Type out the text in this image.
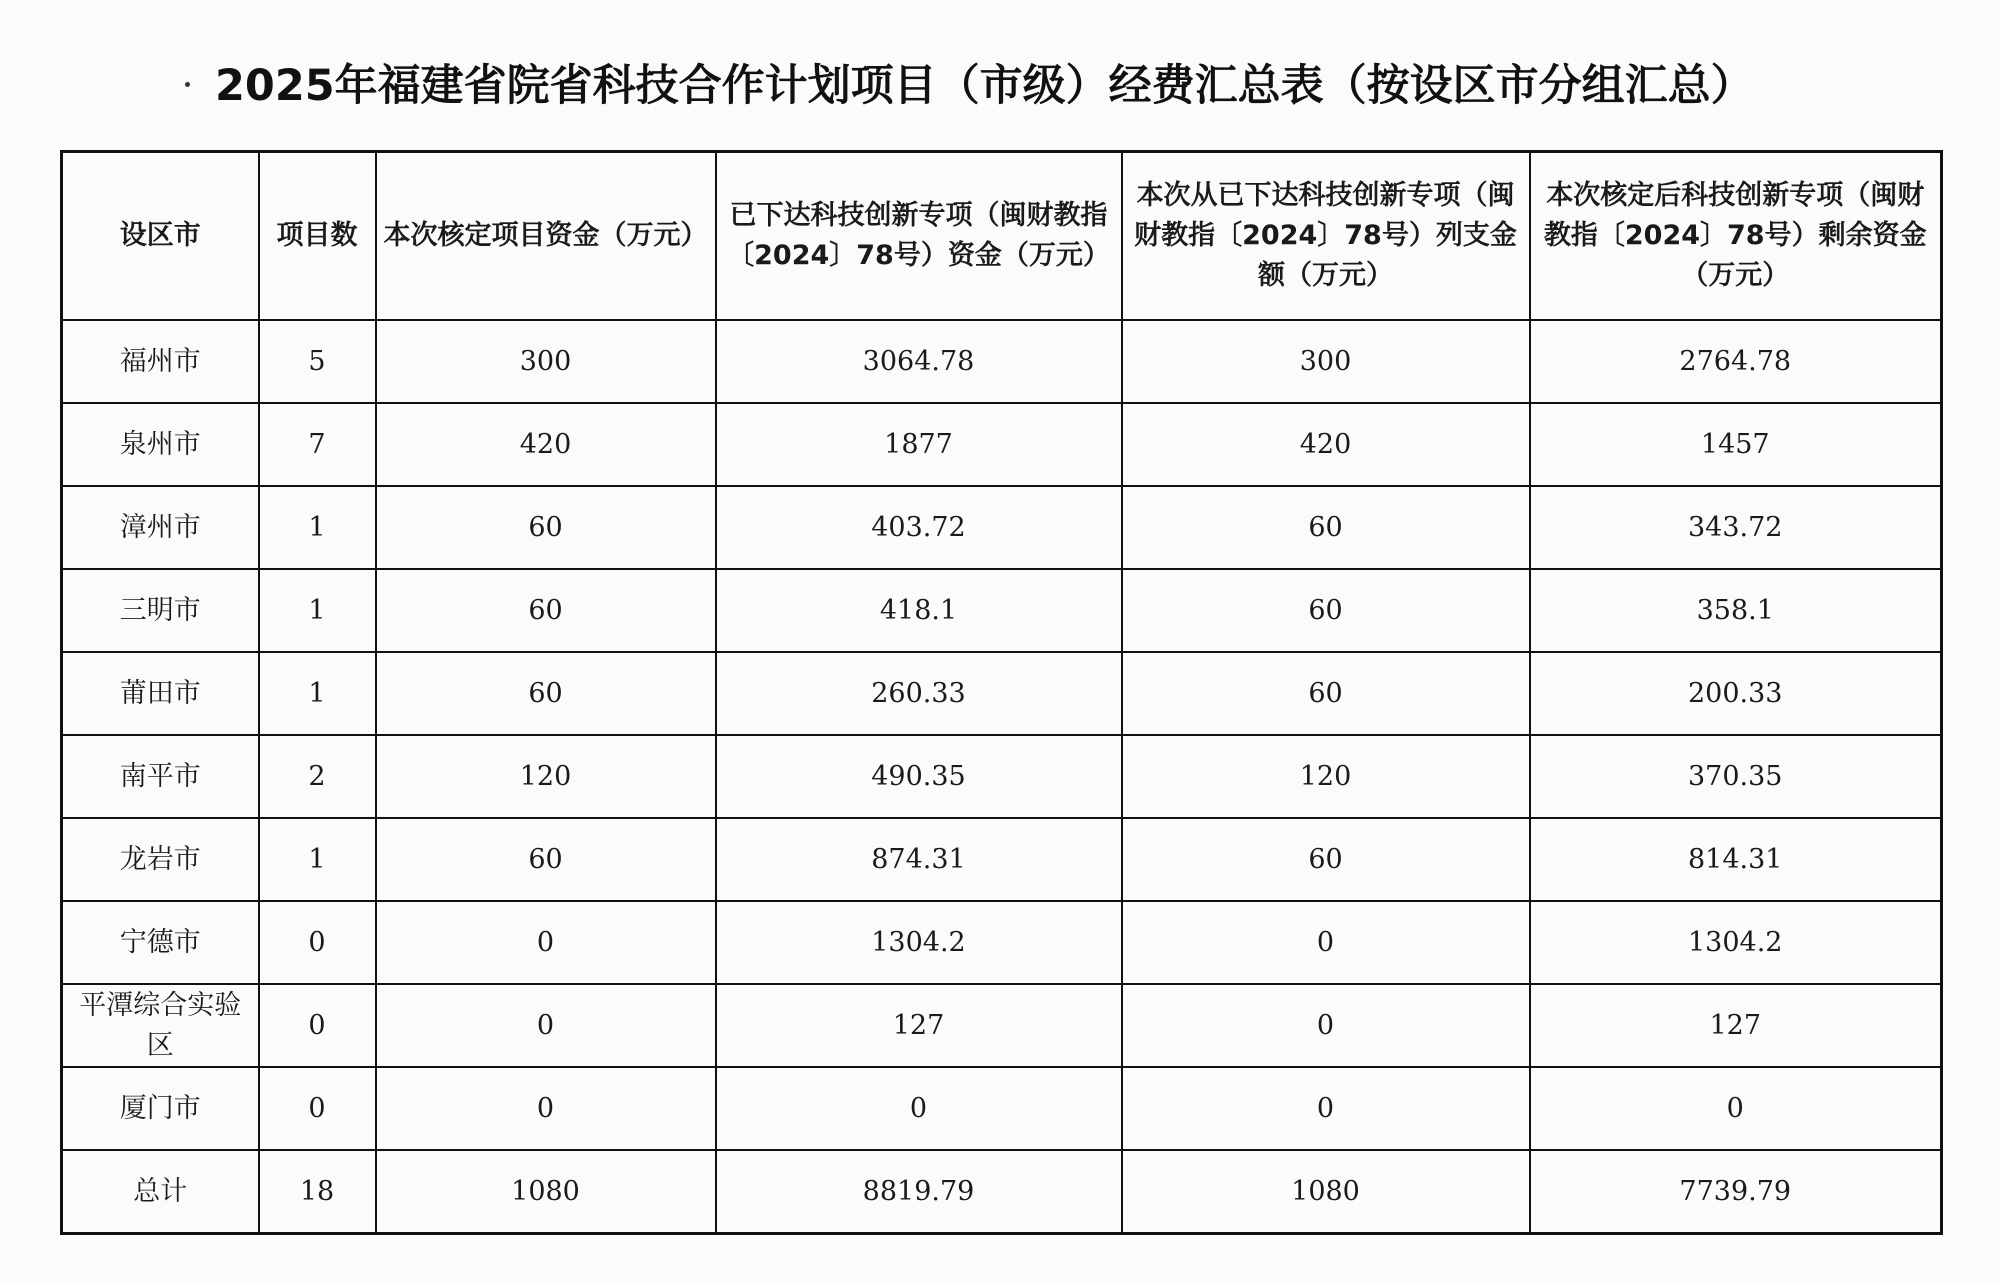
2025年福建省院省科技合作计划项目（市级）经费汇总表（按设区市分组汇总）
设区市	项目数	本次核定项目资金（万元）	已下达科技创新专项（闽财教指〔2024〕78号）资金（万元）	本次从已下达科技创新专项（闽财教指〔2024〕78号）列支金额（万元）	本次核定后科技创新专项（闽财教指〔2024〕78号）剩余资金（万元）
福州市	5	300	3064.78	300	2764.78
泉州市	7	420	1877	420	1457
漳州市	1	60	403.72	60	343.72
三明市	1	60	418.1	60	358.1
莆田市	1	60	260.33	60	200.33
南平市	2	120	490.35	120	370.35
龙岩市	1	60	874.31	60	814.31
宁德市	0	0	1304.2	0	1304.2
平潭综合实验区	0	0	127	0	127
厦门市	0	0	0	0	0
总计	18	1080	8819.79	1080	7739.79
